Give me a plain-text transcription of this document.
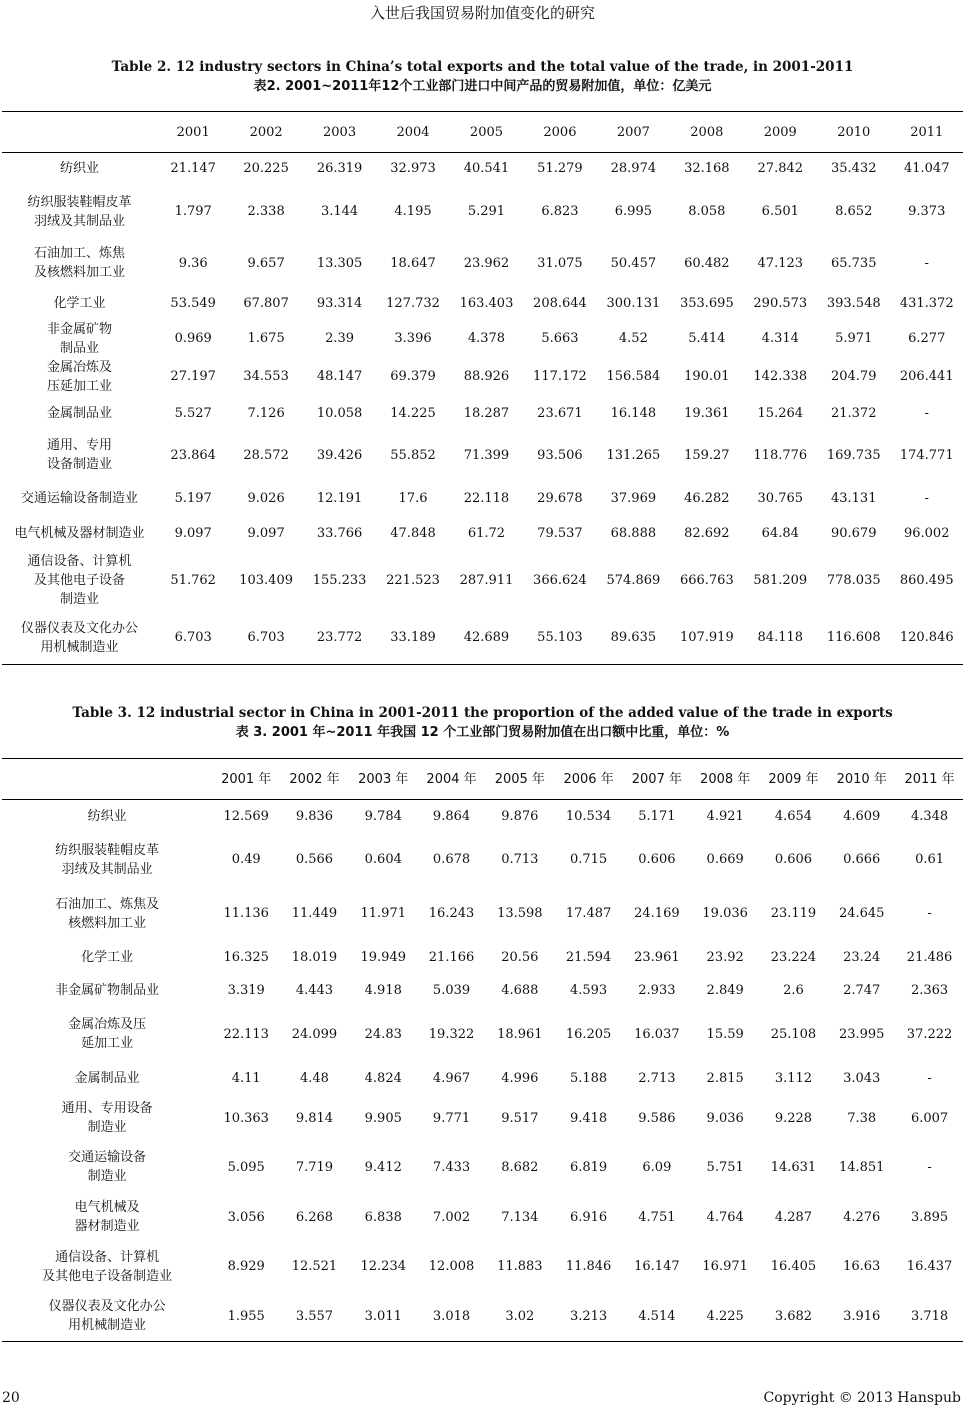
入世后我国贸易附加值变化的研究
Table 2. 12 industry sectors in China’s total exports and the total value of the trade, in 2001-2011
表2. 2001~2011年12个工业部门进口中间产品的贸易附加值，单位：亿美元
	2001	2002	2003	2004	2005	2006	2007	2008	2009	2010	2011
纺织业	21.147	20.225	26.319	32.973	40.541	51.279	28.974	32.168	27.842	35.432	41.047
纺织服装鞋帽皮革
羽绒及其制品业	1.797	2.338	3.144	4.195	5.291	6.823	6.995	8.058	6.501	8.652	9.373
石油加工、炼焦
及核燃料加工业	9.36	9.657	13.305	18.647	23.962	31.075	50.457	60.482	47.123	65.735	-
化学工业	53.549	67.807	93.314	127.732	163.403	208.644	300.131	353.695	290.573	393.548	431.372
非金属矿物
制品业	0.969	1.675	2.39	3.396	4.378	5.663	4.52	5.414	4.314	5.971	6.277
金属冶炼及
压延加工业	27.197	34.553	48.147	69.379	88.926	117.172	156.584	190.01	142.338	204.79	206.441
金属制品业	5.527	7.126	10.058	14.225	18.287	23.671	16.148	19.361	15.264	21.372	-
通用、专用
设备制造业	23.864	28.572	39.426	55.852	71.399	93.506	131.265	159.27	118.776	169.735	174.771
交通运输设备制造业	5.197	9.026	12.191	17.6	22.118	29.678	37.969	46.282	30.765	43.131	-
电气机械及器材制造业	9.097	9.097	33.766	47.848	61.72	79.537	68.888	82.692	64.84	90.679	96.002
通信设备、计算机
及其他电子设备
制造业	51.762	103.409	155.233	221.523	287.911	366.624	574.869	666.763	581.209	778.035	860.495
仪器仪表及文化办公
用机械制造业	6.703	6.703	23.772	33.189	42.689	55.103	89.635	107.919	84.118	116.608	120.846
Table 3. 12 industrial sector in China in 2001-2011 the proportion of the added value of the trade in exports
表 3. 2001 年~2011 年我国 12 个工业部门贸易附加值在出口额中比重，单位：%
	2001 年	2002 年	2003 年	2004 年	2005 年	2006 年	2007 年	2008 年	2009 年	2010 年	2011 年
纺织业	12.569	9.836	9.784	9.864	9.876	10.534	5.171	4.921	4.654	4.609	4.348
纺织服装鞋帽皮革
羽绒及其制品业	0.49	0.566	0.604	0.678	0.713	0.715	0.606	0.669	0.606	0.666	0.61
石油加工、炼焦及
核燃料加工业	11.136	11.449	11.971	16.243	13.598	17.487	24.169	19.036	23.119	24.645	-
化学工业	16.325	18.019	19.949	21.166	20.56	21.594	23.961	23.92	23.224	23.24	21.486
非金属矿物制品业	3.319	4.443	4.918	5.039	4.688	4.593	2.933	2.849	2.6	2.747	2.363
金属冶炼及压
延加工业	22.113	24.099	24.83	19.322	18.961	16.205	16.037	15.59	25.108	23.995	37.222
金属制品业	4.11	4.48	4.824	4.967	4.996	5.188	2.713	2.815	3.112	3.043	-
通用、专用设备
制造业	10.363	9.814	9.905	9.771	9.517	9.418	9.586	9.036	9.228	7.38	6.007
交通运输设备
制造业	5.095	7.719	9.412	7.433	8.682	6.819	6.09	5.751	14.631	14.851	-
电气机械及
器材制造业	3.056	6.268	6.838	7.002	7.134	6.916	4.751	4.764	4.287	4.276	3.895
通信设备、计算机
及其他电子设备制造业	8.929	12.521	12.234	12.008	11.883	11.846	16.147	16.971	16.405	16.63	16.437
仪器仪表及文化办公
用机械制造业	1.955	3.557	3.011	3.018	3.02	3.213	4.514	4.225	3.682	3.916	3.718
20	Copyright © 2013 Hanspub
